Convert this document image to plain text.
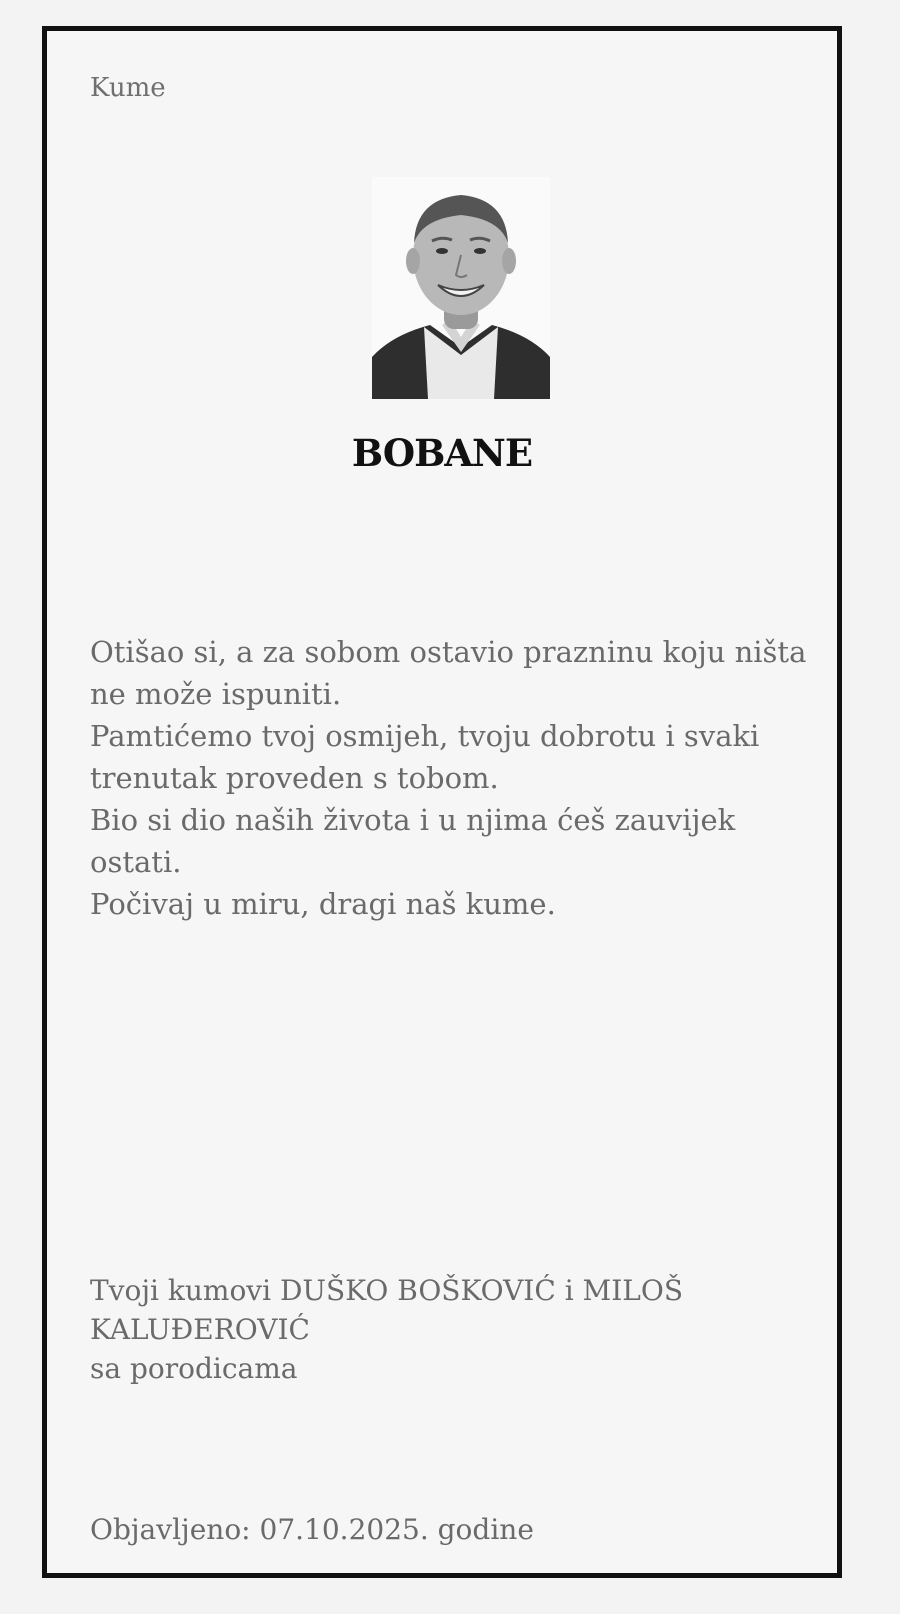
Kume

BOBANE

Otišao si, a za sobom ostavio prazninu koju ništa ne može ispuniti.
Pamtićemo tvoj osmijeh, tvoju dobrotu i svaki trenutak proveden s tobom.
Bio si dio naših života i u njima ćeš zauvijek ostati.
Počivaj u miru, dragi naš kume.

Tvoji kumovi DUŠKO BOŠKOVIĆ i MILOŠ KALUĐEROVIĆ
sa porodicama

Objavljeno: 07.10.2025. godine
